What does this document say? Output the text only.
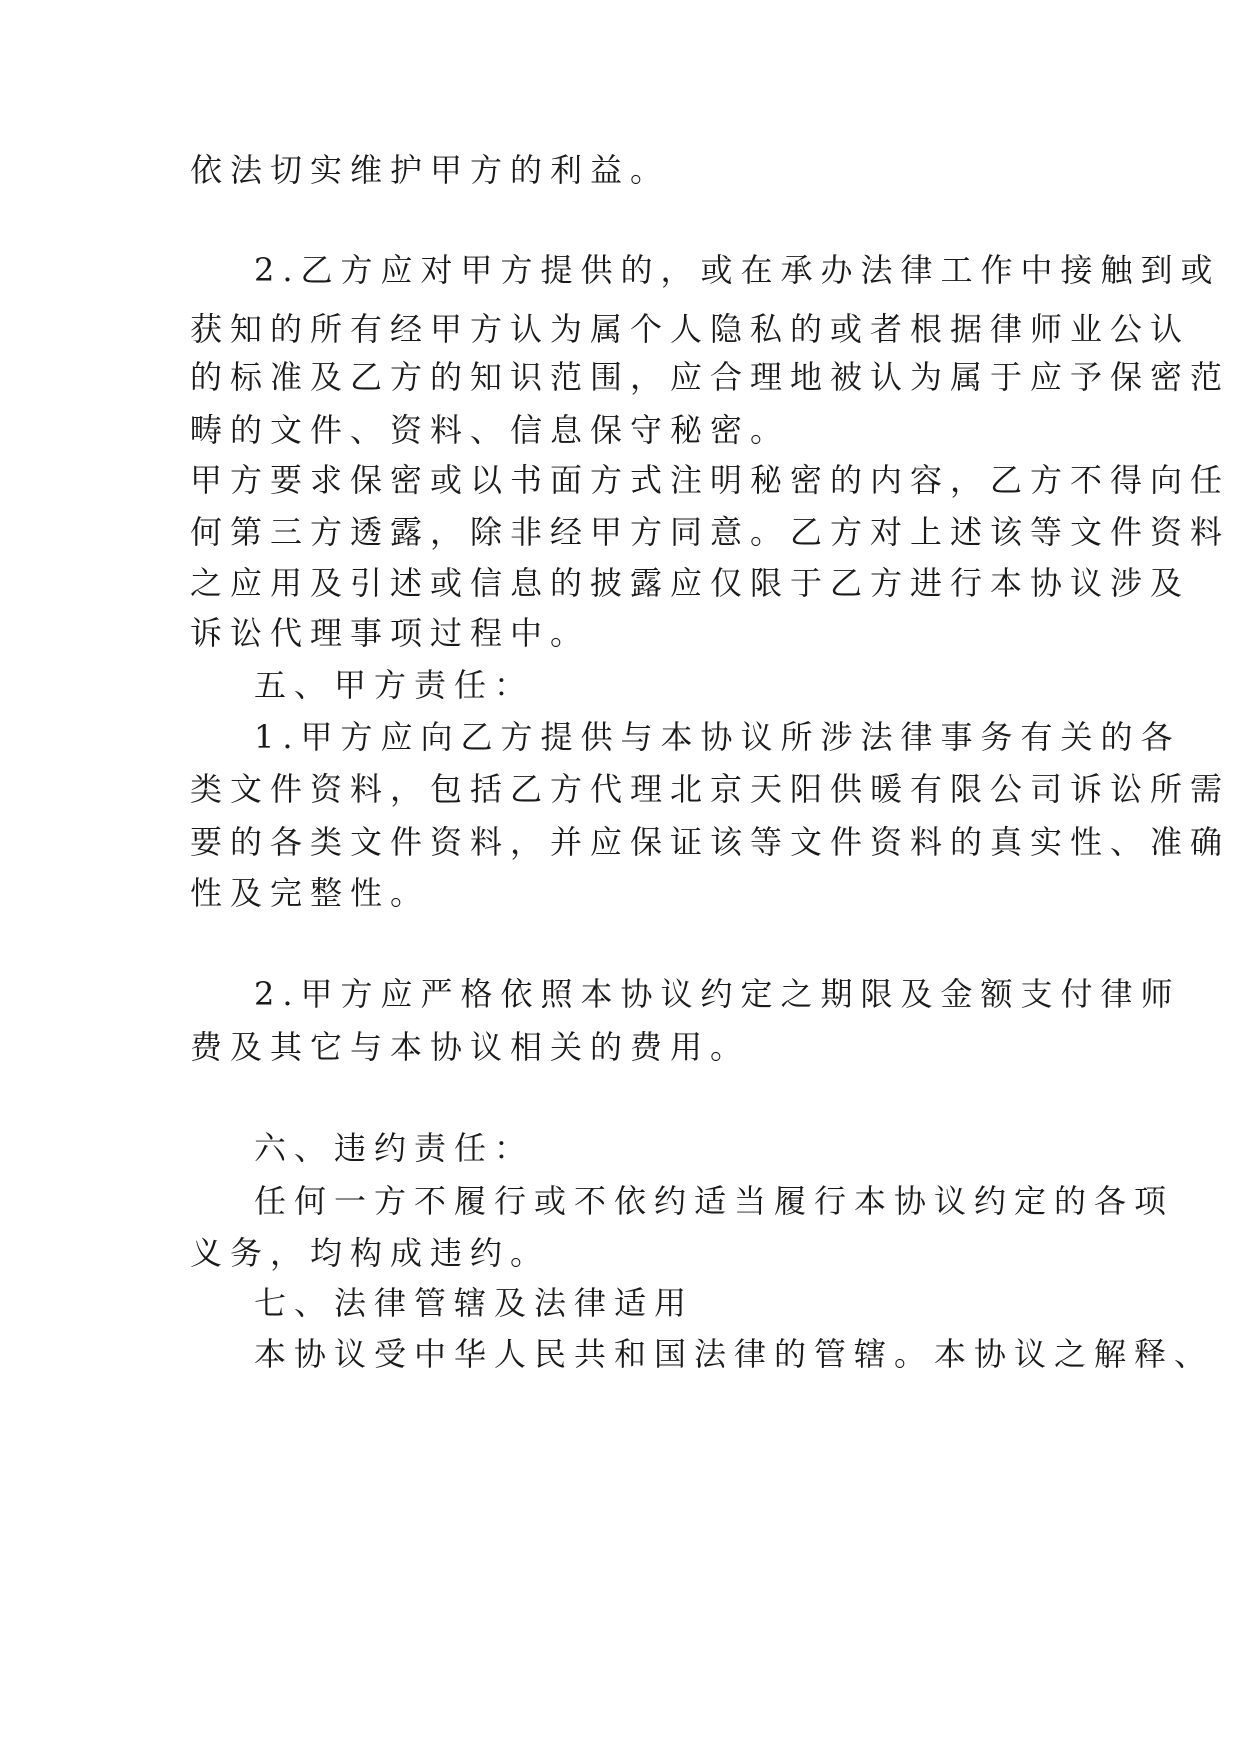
依法切实维护甲方的利益。

2.乙方应对甲方提供的，或在承办法律工作中接触到或

获知的所有经甲方认为属个人隐私的或者根据律师业公认

的标准及乙方的知识范围，应合理地被认为属于应予保密范

畴的文件、资料、信息保守秘密。

甲方要求保密或以书面方式注明秘密的内容，乙方不得向任

何第三方透露，除非经甲方同意。乙方对上述该等文件资料

之应用及引述或信息的披露应仅限于乙方进行本协议涉及

诉讼代理事项过程中。

五、甲方责任：

1.甲方应向乙方提供与本协议所涉法律事务有关的各

类文件资料，包括乙方代理北京天阳供暖有限公司诉讼所需

要的各类文件资料，并应保证该等文件资料的真实性、准确

性及完整性。

2.甲方应严格依照本协议约定之期限及金额支付律师

费及其它与本协议相关的费用。

六、违约责任：

任何一方不履行或不依约适当履行本协议约定的各项

义务，均构成违约。

七、法律管辖及法律适用

本协议受中华人民共和国法律的管辖。本协议之解释、
